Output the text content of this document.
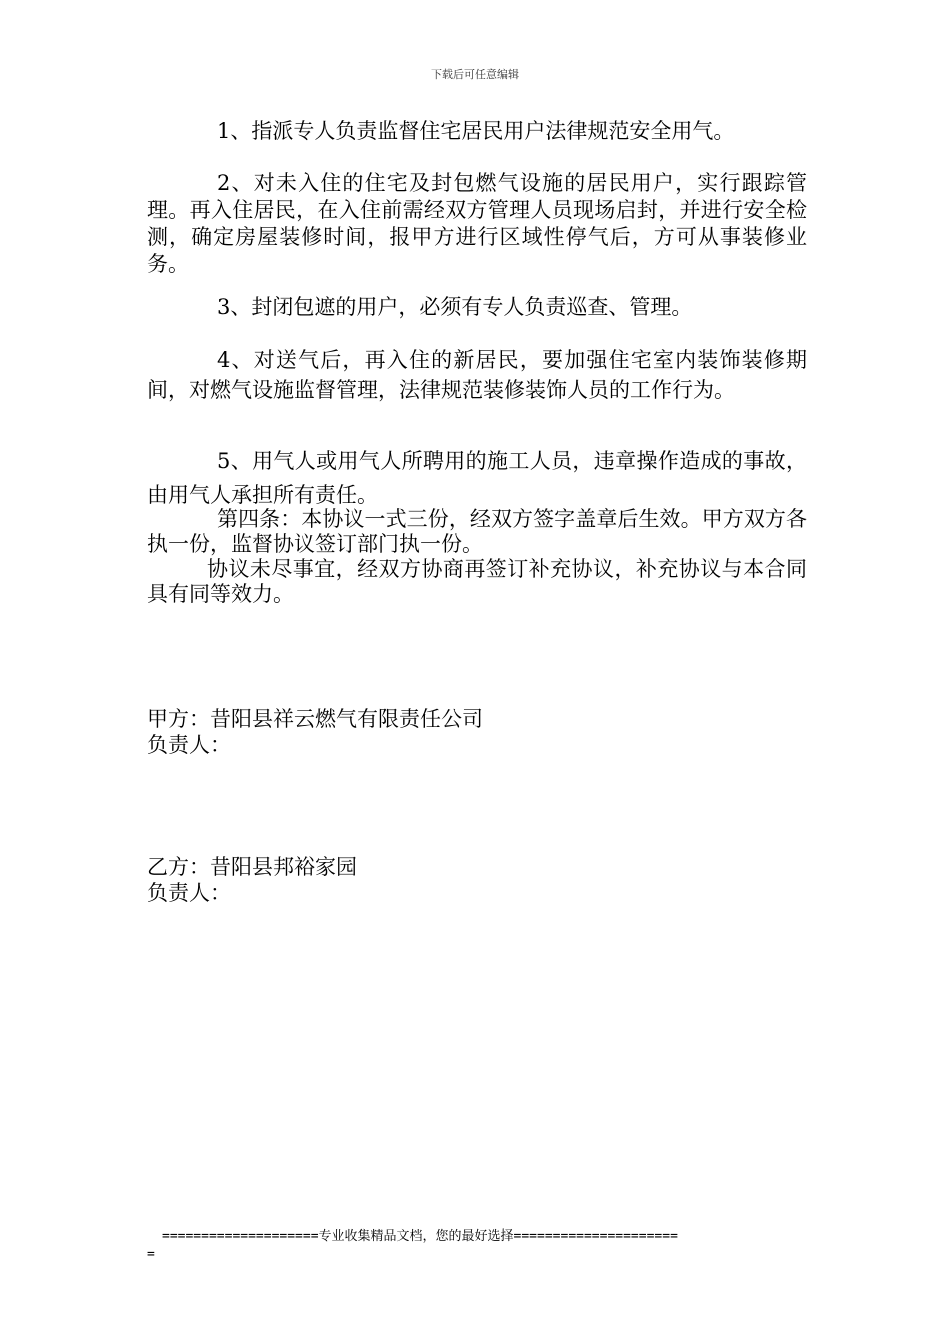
下载后可任意编辑

1、指派专人负责监督住宅居民用户法律规范安全用气。

2、对未入住的住宅及封包燃气设施的居民用户，实行跟踪管理。再入住居民，在入住前需经双方管理人员现场启封，并进行安全检测，确定房屋装修时间，报甲方进行区域性停气后，方可从事装修业务。

3、封闭包遮的用户，必须有专人负责巡查、管理。

4、对送气后，再入住的新居民，要加强住宅室内装饰装修期间，对燃气设施监督管理，法律规范装修装饰人员的工作行为。

5、用气人或用气人所聘用的施工人员，违章操作造成的事故，由用气人承担所有责任。

第四条：本协议一式三份，经双方签字盖章后生效。甲方双方各执一份，监督协议签订部门执一份。

协议未尽事宜，经双方协商再签订补充协议，补充协议与本合同具有同等效力。

甲方：昔阳县祥云燃气有限责任公司
负责人：
乙方：昔阳县邦裕家园
负责人：
====================专业收集精品文档，您的最好选择=====================
=
